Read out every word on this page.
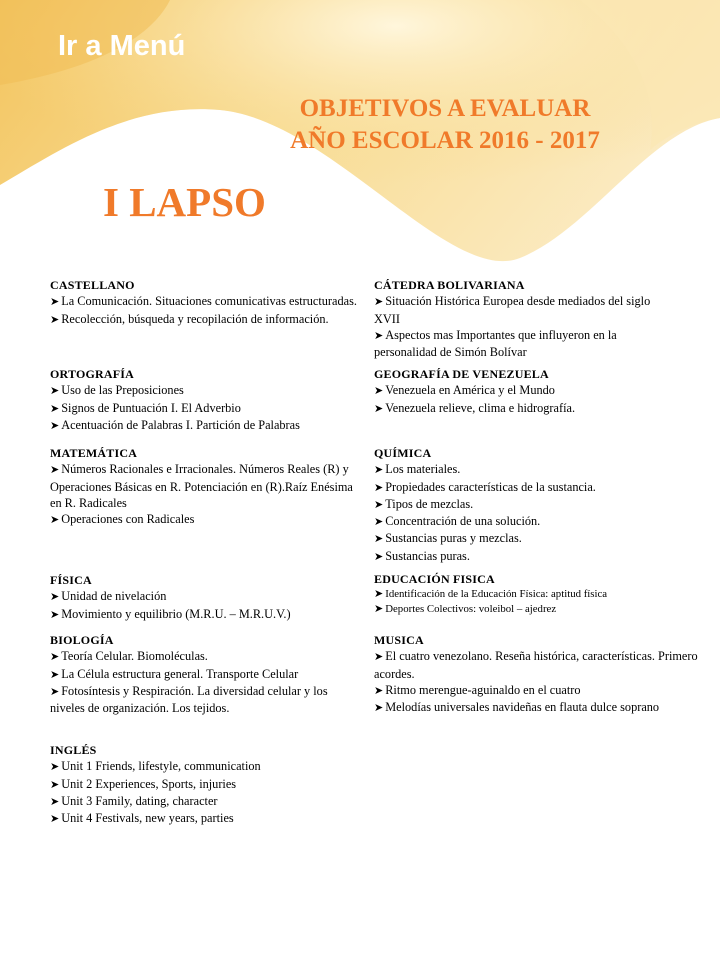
Ir a Menú
OBJETIVOS A EVALUAR
AÑO ESCOLAR 2016 - 2017
I LAPSO
CASTELLANO
➤ La Comunicación. Situaciones comunicativas estructuradas.
➤ Recolección, búsqueda y recopilación de información.
CÁTEDRA BOLIVARIANA
➤ Situación Histórica Europea desde mediados del siglo XVII
➤ Aspectos mas Importantes que influyeron en la personalidad de Simón Bolívar
ORTOGRAFÍA
➤ Uso de las Preposiciones
➤ Signos de Puntuación I. El Adverbio
➤ Acentuación de Palabras I. Partición de Palabras
GEOGRAFÍA DE VENEZUELA
➤ Venezuela en América y el Mundo
➤ Venezuela relieve, clima e hidrografía.
MATEMÁTICA
➤ Números Racionales e Irracionales. Números Reales (R) y Operaciones Básicas en R. Potenciación en (R).Raíz Enésima en R. Radicales
➤ Operaciones con Radicales
QUÍMICA
➤ Los materiales.
➤ Propiedades características de la sustancia.
➤ Tipos de mezclas.
➤ Concentración de una solución.
➤ Sustancias puras y mezclas.
➤ Sustancias puras.
FÍSICA
➤ Unidad de nivelación
➤ Movimiento y equilibrio (M.R.U. – M.R.U.V.)
EDUCACIÓN FISICA
➤ Identificación de la Educación Física: aptitud física
➤ Deportes Colectivos: voleibol – ajedrez
BIOLOGÍA
➤ Teoría Celular. Biomoléculas.
➤ La Célula estructura general. Transporte Celular
➤ Fotosíntesis y Respiración. La diversidad celular y los niveles de organización. Los tejidos.
MUSICA
➤ El cuatro venezolano. Reseña histórica, características. Primero acordes.
➤ Ritmo merengue-aguinaldo en el cuatro
➤ Melodías universales navideñas en flauta dulce soprano
INGLÉS
➤ Unit 1 Friends, lifestyle, communication
➤ Unit 2 Experiences, Sports, injuries
➤ Unit 3 Family, dating, character
➤ Unit 4 Festivals, new years, parties
